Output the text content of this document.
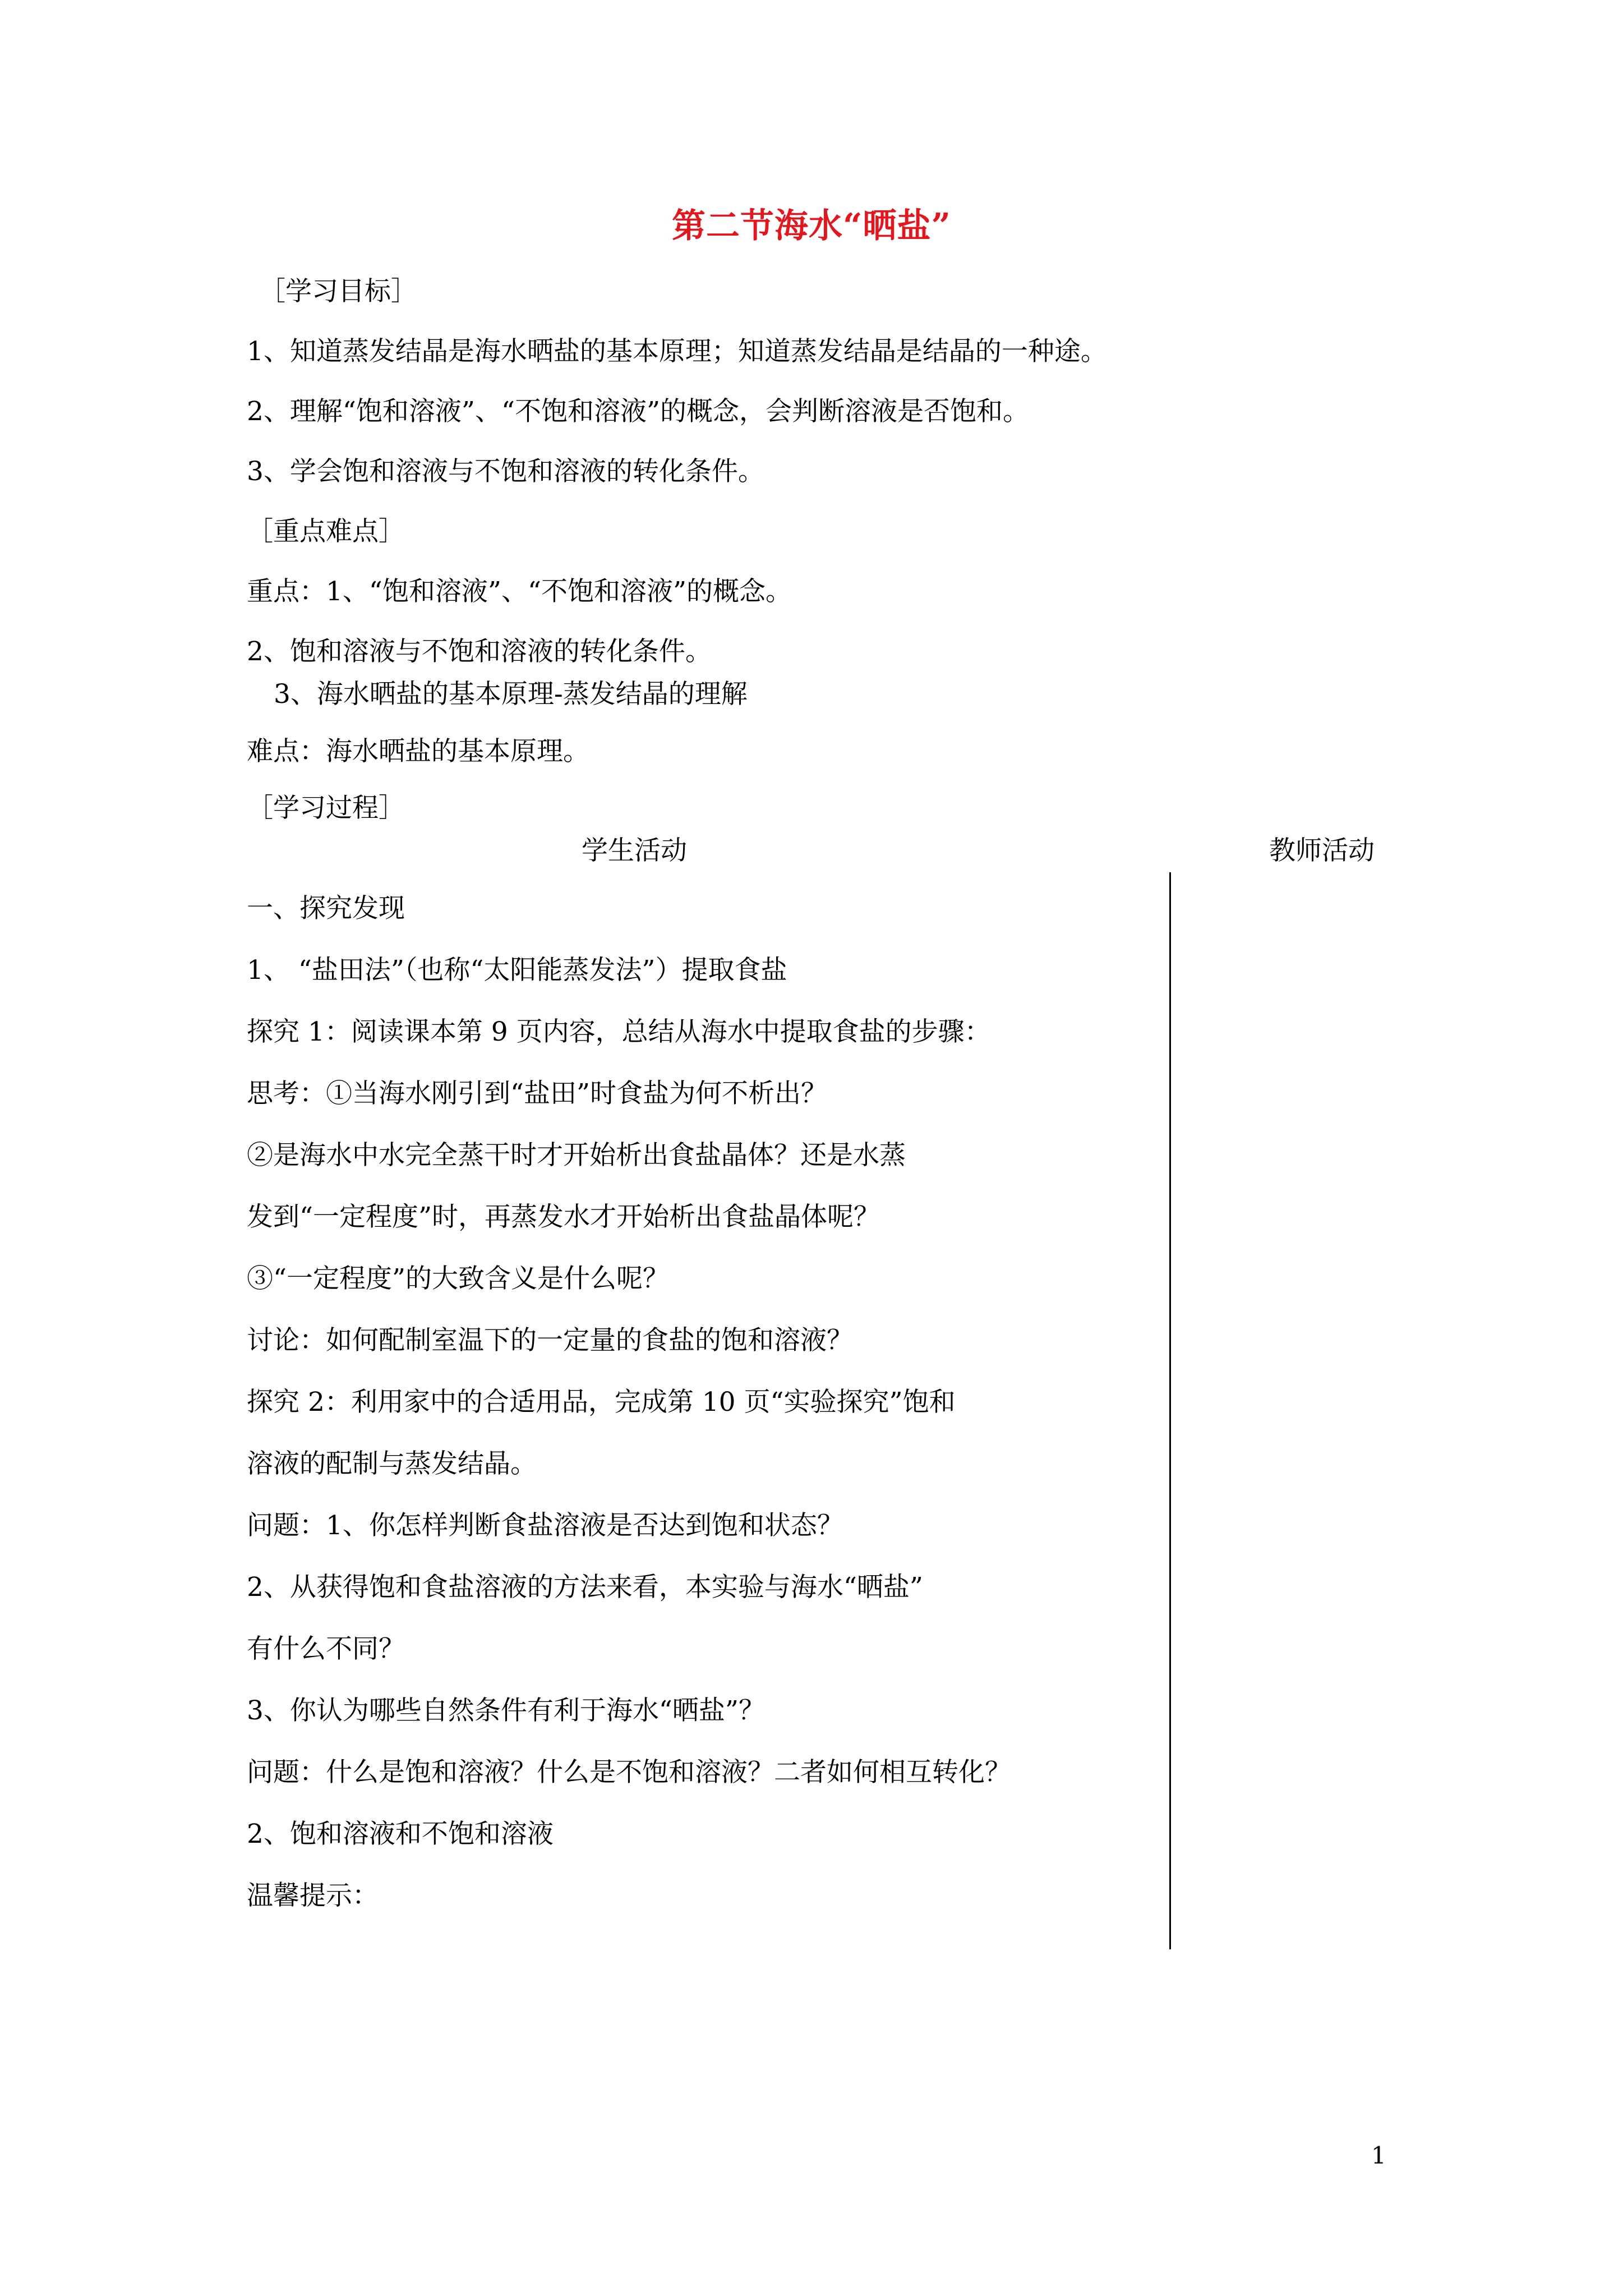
第二节海水“晒盐”
［学习目标］
1、知道蒸发结晶是海水晒盐的基本原理；知道蒸发结晶是结晶的一种途。
2、理解“饱和溶液”、“不饱和溶液”的概念，会判断溶液是否饱和。
3、学会饱和溶液与不饱和溶液的转化条件。
［重点难点］
重点：1、“饱和溶液”、“不饱和溶液”的概念。
2、饱和溶液与不饱和溶液的转化条件。
3、海水晒盐的基本原理-蒸发结晶的理解
难点：海水晒盐的基本原理。
［学习过程］
学生活动	教师活动
一、探究发现
1、 “盐田法”（也称“太阳能蒸发法”）提取食盐
探究 1：阅读课本第 9 页内容，总结从海水中提取食盐的步骤：
思考：①当海水刚引到“盐田”时食盐为何不析出？
②是海水中水完全蒸干时才开始析出食盐晶体？还是水蒸
发到“一定程度”时，再蒸发水才开始析出食盐晶体呢？
③“一定程度”的大致含义是什么呢？
讨论：如何配制室温下的一定量的食盐的饱和溶液？
探究 2：利用家中的合适用品，完成第 10 页“实验探究”饱和
溶液的配制与蒸发结晶。
问题：1、你怎样判断食盐溶液是否达到饱和状态？
2、从获得饱和食盐溶液的方法来看，本实验与海水“晒盐”
有什么不同？
3、你认为哪些自然条件有利于海水“晒盐”？
问题：什么是饱和溶液？什么是不饱和溶液？二者如何相互转化？
2、饱和溶液和不饱和溶液
温馨提示：
1
